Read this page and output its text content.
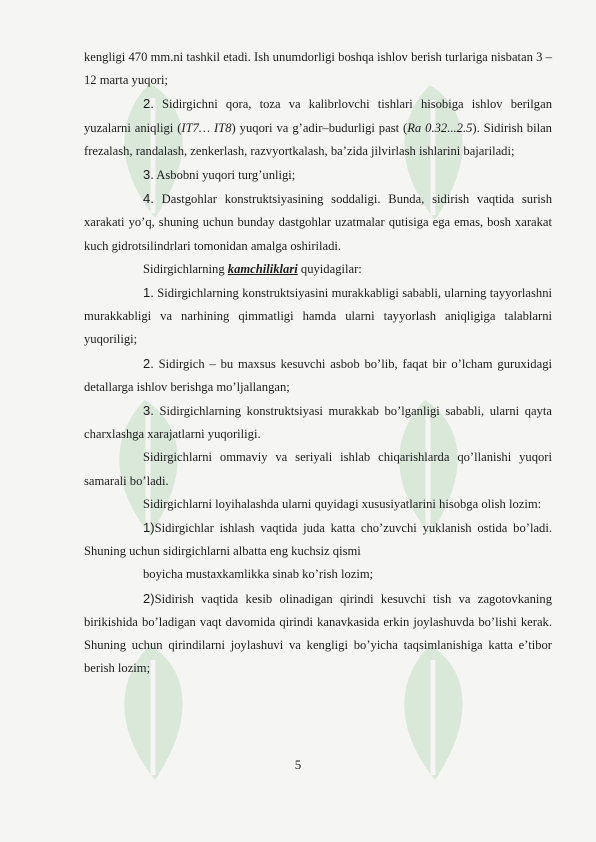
kengligi 470 mm.ni tashkil etadi. Ish unumdorligi boshqa ishlov berish turlariga nisbatan 3 – 12 marta yuqori;

2. Sidirgichni qora, toza va kalibrlovchi tishlari hisobiga ishlov berilgan yuzalarni aniqligi (IT7… IT8) yuqori va g’adir–budurligi past (Ra 0.32...2.5). Sidirish bilan frezalash, randalash, zenkerlash, razvyortkalash, ba’zida jilvirlash ishlarini bajariladi;

3. Asbobni yuqori turg’unligi;

4. Dastgohlar konstruktsiyasining soddaligi. Bunda, sidirish vaqtida surish xarakati yo’q, shuning uchun bunday dastgohlar uzatmalar qutisiga ega emas, bosh xarakat kuch gidrotsilindrlari tomonidan amalga oshiriladi.

Sidirgichlarning kamchiliklari quyidagilar:

1. Sidirgichlarning konstruktsiyasini murakkabligi sababli, ularning tayyorlashni murakkabligi va narhining qimmatligi hamda ularni tayyorlash aniqligiga talablarni yuqoriligi;

2. Sidirgich – bu maxsus kesuvchi asbob bo’lib, faqat bir o’lcham guruxidagi detallarga ishlov berishga mo’ljallangan;

3. Sidirgichlarning konstruktsiyasi murakkab bo’lganligi sababli, ularni qayta charxlashga xarajatlarni yuqoriligi.

Sidirgichlarni ommaviy va seriyali ishlab chiqarishlarda qo’llanishi yuqori samarali bo’ladi.

Sidirgichlarni loyihalashda ularni quyidagi xususiyatlarini hisobga olish lozim:

1)Sidirgichlar ishlash vaqtida juda katta cho’zuvchi yuklanish ostida bo’ladi. Shuning uchun sidirgichlarni albatta eng kuchsiz qismi

boyicha mustaxkamlikka sinab ko’rish lozim;

2)Sidirish vaqtida kesib olinadigan qirindi kesuvchi tish va zagotovkaning birikishida bo’ladigan vaqt davomida qirindi kanavkasida erkin joylashuvda bo’lishi kerak. Shuning uchun qirindilarni joylashuvi va kengligi bo’yicha taqsimlanishiga katta e’tibor berish lozim;

5
